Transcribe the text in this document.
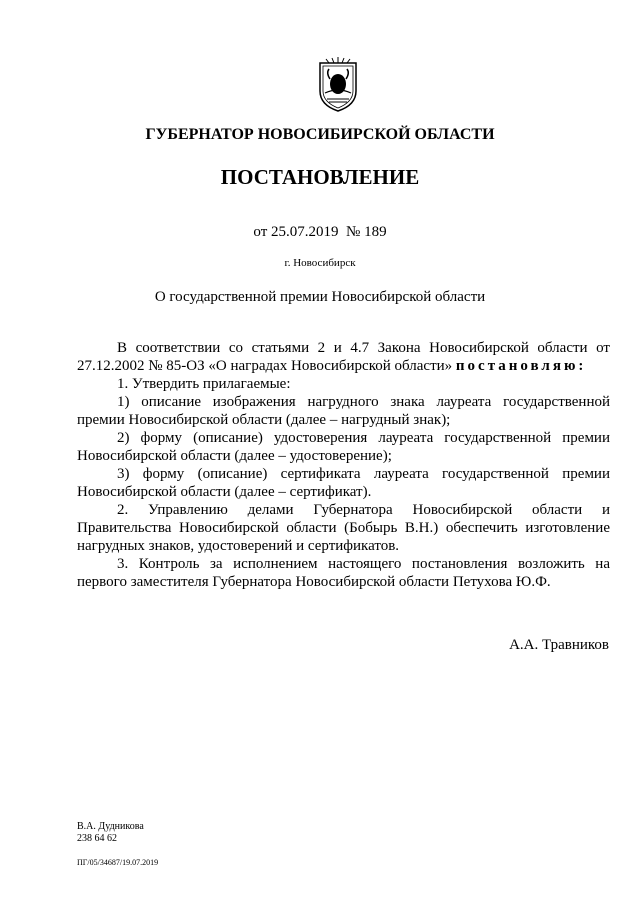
ГУБЕРНАТОР НОВОСИБИРСКОЙ ОБЛАСТИ
ПОСТАНОВЛЕНИЕ
от 25.07.2019 № 189
г. Новосибирск
О государственной премии Новосибирской области

В соответствии со статьями 2 и 4.7 Закона Новосибирской области от 27.12.2002 № 85-ОЗ «О наградах Новосибирской области» постановляю:

1. Утвердить прилагаемые:

1) описание изображения нагрудного знака лауреата государственной премии Новосибирской области (далее – нагрудный знак);

2) форму (описание) удостоверения лауреата государственной премии Новосибирской области (далее – удостоверение);

3) форму (описание) сертификата лауреата государственной премии Новосибирской области (далее – сертификат).

2. Управлению делами Губернатора Новосибирской области и Правительства Новосибирской области (Бобырь В.Н.) обеспечить изготовление нагрудных знаков, удостоверений и сертификатов.

3. Контроль за исполнением настоящего постановления возложить на первого заместителя Губернатора Новосибирской области Петухова Ю.Ф.

А.А. Травников
В.А. Дудникова
238 64 62
ПГ/05/34687/19.07.2019
